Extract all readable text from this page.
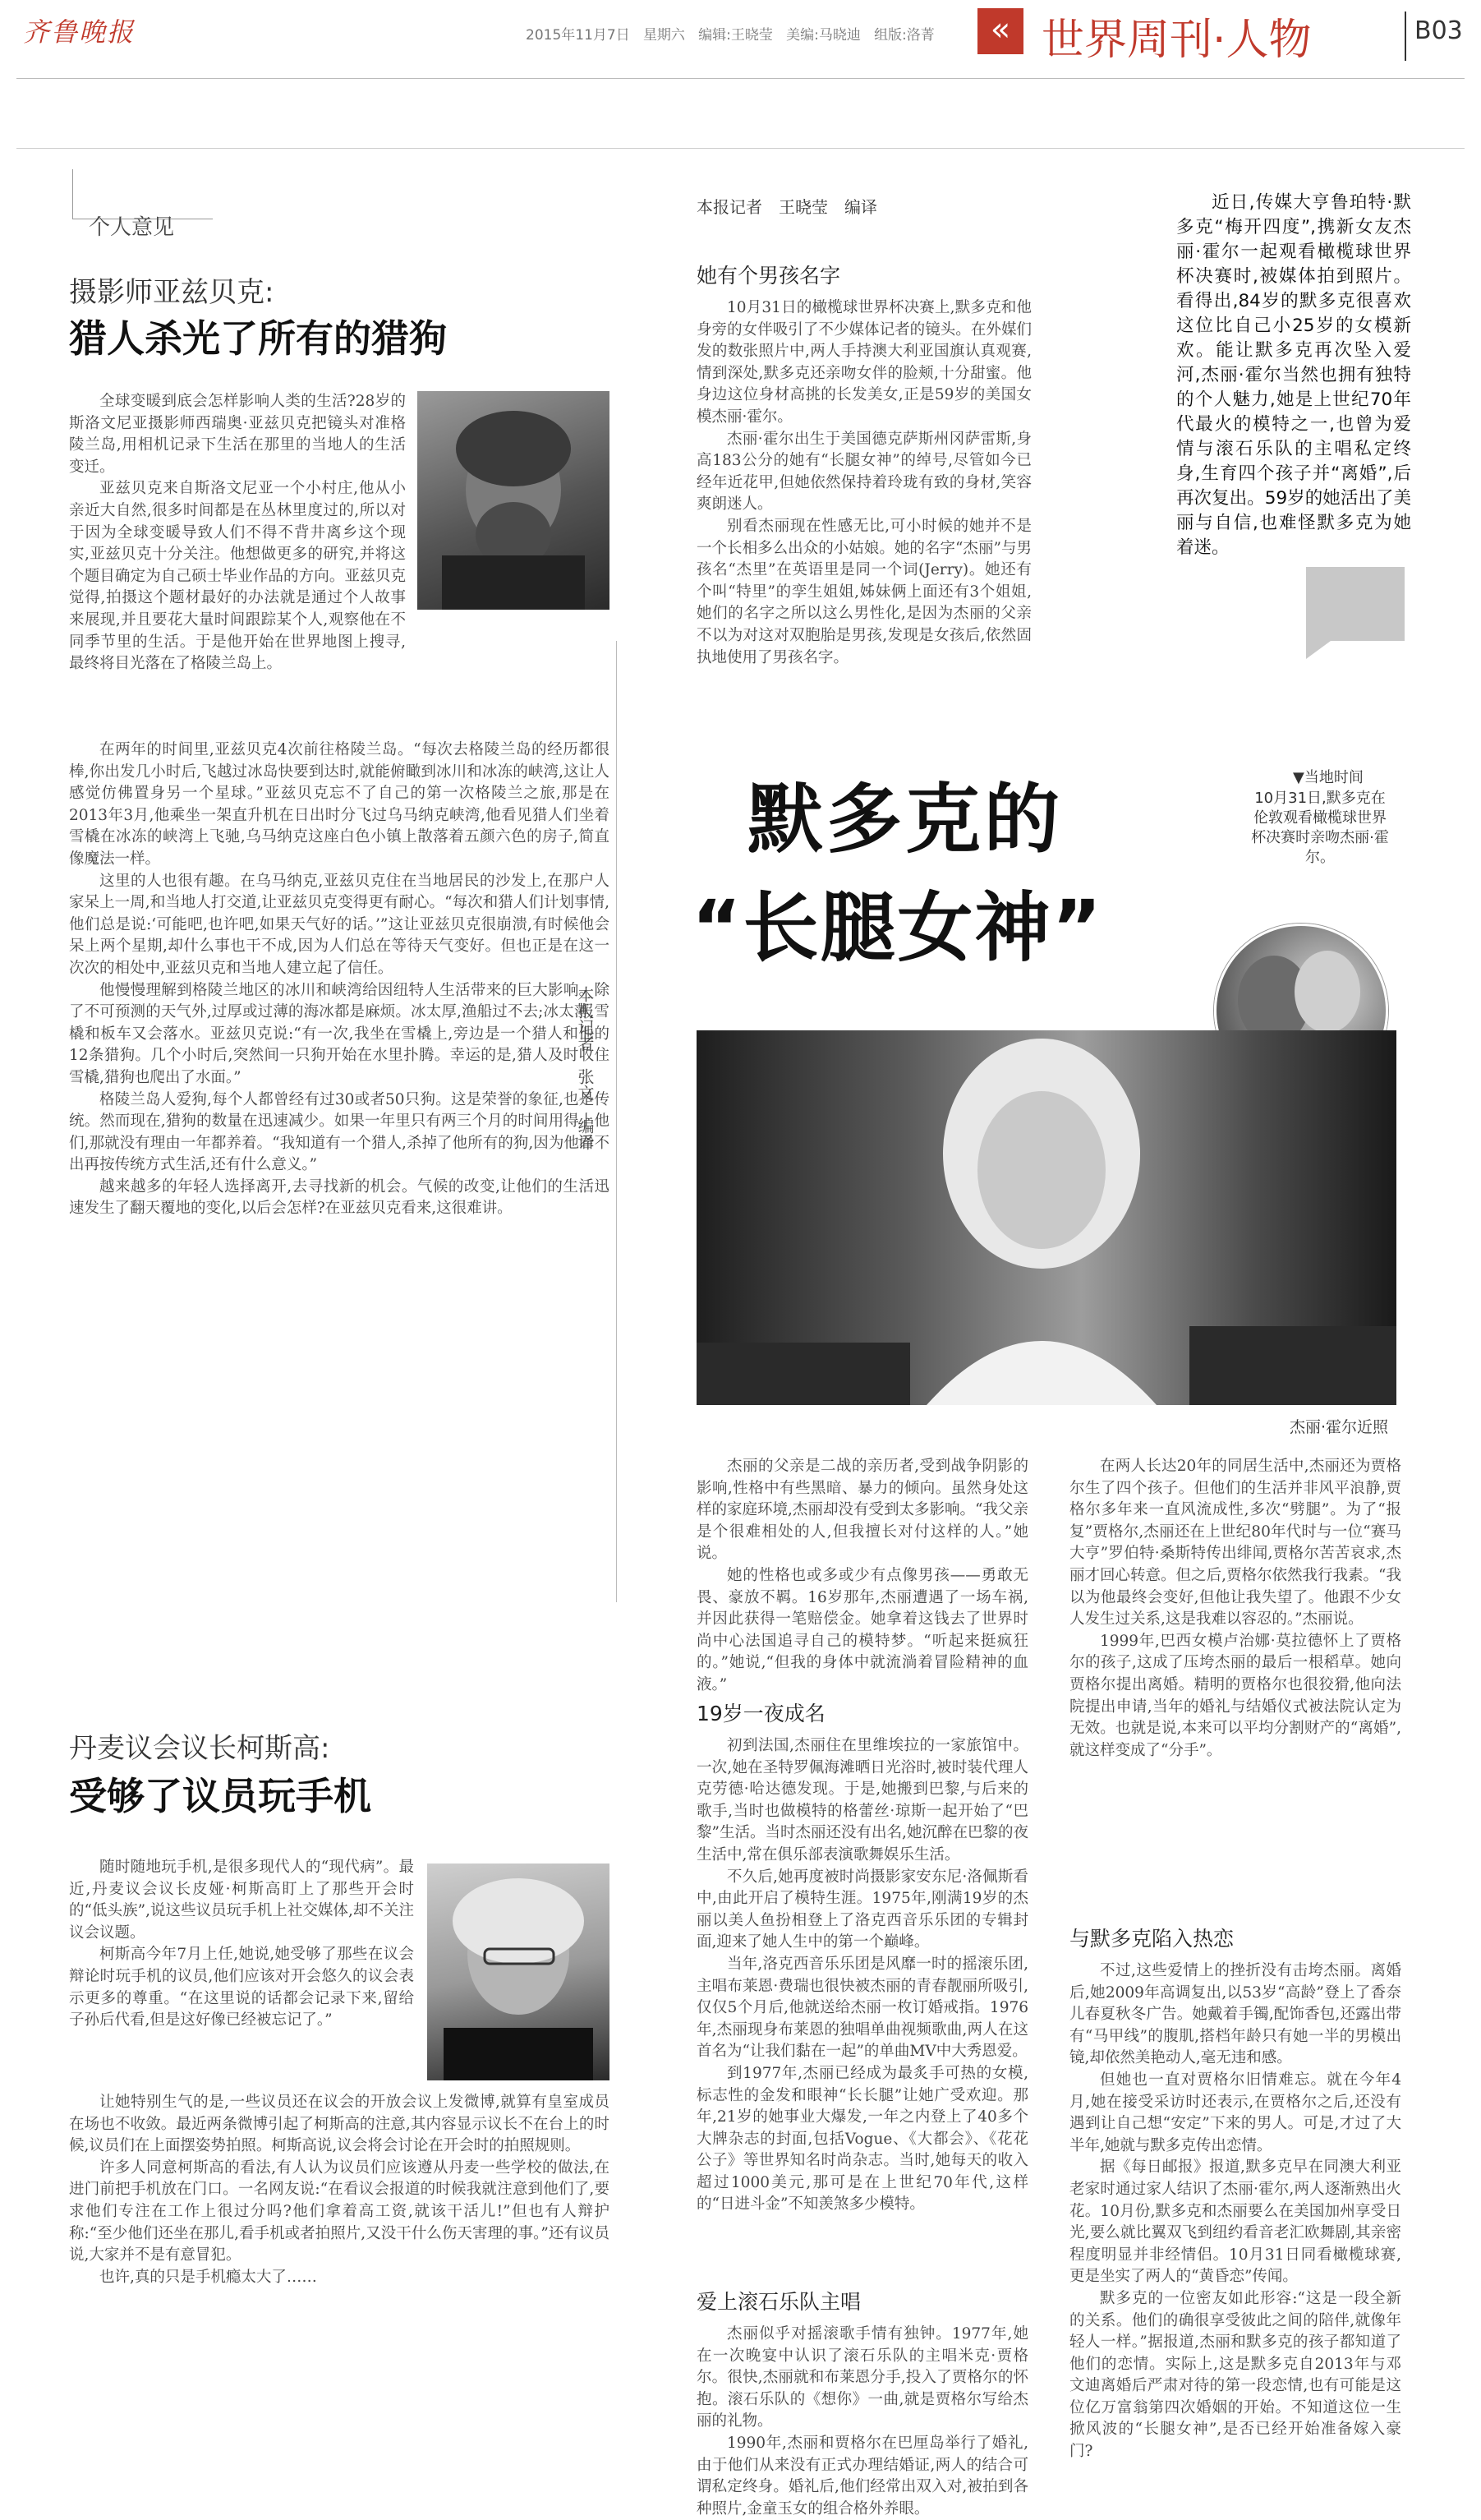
齐鲁晚报	2015年11月7日 星期六 编辑:王晓莹 美编:马晓迪 组版:洛菁	« 世界周刊·人物	B03
个人意见
摄影师亚兹贝克:
猎人杀光了所有的猎狗

全球变暖到底会怎样影响人类的生活?28岁的斯洛文尼亚摄影师西瑞奥·亚兹贝克把镜头对准格陵兰岛,用相机记录下生活在那里的当地人的生活变迁。

亚兹贝克来自斯洛文尼亚一个小村庄,他从小亲近大自然,很多时间都是在丛林里度过的,所以对于因为全球变暖导致人们不得不背井离乡这个现实,亚兹贝克十分关注。他想做更多的研究,并将这个题目确定为自己硕士毕业作品的方向。亚兹贝克觉得,拍摄这个题材最好的办法就是通过个人故事来展现,并且要花大量时间跟踪某个人,观察他在不同季节里的生活。于是他开始在世界地图上搜寻,最终将目光落在了格陵兰岛上。

在两年的时间里,亚兹贝克4次前往格陵兰岛。“每次去格陵兰岛的经历都很棒,你出发几小时后,飞越过冰岛快要到达时,就能俯瞰到冰川和冰冻的峡湾,这让人感觉仿佛置身另一个星球。”亚兹贝克忘不了自己的第一次格陵兰之旅,那是在2013年3月,他乘坐一架直升机在日出时分飞过乌马纳克峡湾,他看见猎人们坐着雪橇在冰冻的峡湾上飞驰,乌马纳克这座白色小镇上散落着五颜六色的房子,简直像魔法一样。

这里的人也很有趣。在乌马纳克,亚兹贝克住在当地居民的沙发上,在那户人家呆上一周,和当地人打交道,让亚兹贝克变得更有耐心。“每次和猎人们计划事情,他们总是说:‘可能吧,也许吧,如果天气好的话。’”这让亚兹贝克很崩溃,有时候他会呆上两个星期,却什么事也干不成,因为人们总在等待天气变好。但也正是在这一次次的相处中,亚兹贝克和当地人建立起了信任。

他慢慢理解到格陵兰地区的冰川和峡湾给因纽特人生活带来的巨大影响。除了不可预测的天气外,过厚或过薄的海冰都是麻烦。冰太厚,渔船过不去;冰太薄,雪橇和板车又会落水。亚兹贝克说:“有一次,我坐在雪橇上,旁边是一个猎人和他的12条猎狗。几个小时后,突然间一只狗开始在水里扑腾。幸运的是,猎人及时收住雪橇,猎狗也爬出了水面。”

格陵兰岛人爱狗,每个人都曾经有过30或者50只狗。这是荣誉的象征,也是传统。然而现在,猎狗的数量在迅速减少。如果一年里只有两三个月的时间用得上他们,那就没有理由一年都养着。“我知道有一个猎人,杀掉了他所有的狗,因为他看不出再按传统方式生活,还有什么意义。”

越来越多的年轻人选择离开,去寻找新的机会。气候的改变,让他们的生活迅速发生了翻天覆地的变化,以后会怎样?在亚兹贝克看来,这很难讲。

本报记者　张文　编译
丹麦议会议长柯斯高:
受够了议员玩手机

随时随地玩手机,是很多现代人的“现代病”。最近,丹麦议会议长皮娅·柯斯高盯上了那些开会时的“低头族”,说这些议员玩手机上社交媒体,却不关注议会议题。

柯斯高今年7月上任,她说,她受够了那些在议会辩论时玩手机的议员,他们应该对开会悠久的议会表示更多的尊重。“在这里说的话都会记录下来,留给子孙后代看,但是这好像已经被忘记了。”

让她特别生气的是,一些议员还在议会的开放会议上发微博,就算有皇室成员在场也不收敛。最近两条微博引起了柯斯高的注意,其内容显示议长不在台上的时候,议员们在上面摆姿势拍照。柯斯高说,议会将会讨论在开会时的拍照规则。

许多人同意柯斯高的看法,有人认为议员们应该遵从丹麦一些学校的做法,在进门前把手机放在门口。一名网友说:“在看议会报道的时候我就注意到他们了,要求他们专注在工作上很过分吗?他们拿着高工资,就该干活儿!”但也有人辩护称:“至少他们还坐在那儿,看手机或者拍照片,又没干什么伤天害理的事。”还有议员说,大家并不是有意冒犯。

也许,真的只是手机瘾太大了……

本报记者　王晓莹　编译	近日,传媒大亨鲁珀特·默多克“梅开四度”,携新女友杰丽·霍尔一起观看橄榄球世界杯决赛时,被媒体拍到照片。看得出,84岁的默多克很喜欢这位比自己小25岁的女模新欢。能让默多克再次坠入爱河,杰丽·霍尔当然也拥有独特的个人魅力,她是上世纪70年代最火的模特之一,也曾为爱情与滚石乐队的主唱私定终身,生育四个孩子并“离婚”,后再次复出。59岁的她活出了美丽与自信,也难怪默多克为她着迷。
她有个男孩名字

10月31日的橄榄球世界杯决赛上,默多克和他身旁的女伴吸引了不少媒体记者的镜头。在外媒们发的数张照片中,两人手持澳大利亚国旗认真观赛,情到深处,默多克还亲吻女伴的脸颊,十分甜蜜。他身边这位身材高挑的长发美女,正是59岁的美国女模杰丽·霍尔。

杰丽·霍尔出生于美国德克萨斯州冈萨雷斯,身高183公分的她有“长腿女神”的绰号,尽管如今已经年近花甲,但她依然保持着玲珑有致的身材,笑容爽朗迷人。

别看杰丽现在性感无比,可小时候的她并不是一个长相多么出众的小姑娘。她的名字“杰丽”与男孩名“杰里”在英语里是同一个词(Jerry)。她还有个叫“特里”的孪生姐姐,姊妹俩上面还有3个姐姐,她们的名字之所以这么男性化,是因为杰丽的父亲不以为对这对双胞胎是男孩,发现是女孩后,依然固执地使用了男孩名字。

默多克的
“长腿女神”
▼当地时间
10月31日,默多克在伦敦观看橄榄球世界杯决赛时亲吻杰丽·霍尔。
杰丽·霍尔近照

杰丽的父亲是二战的亲历者,受到战争阴影的影响,性格中有些黑暗、暴力的倾向。虽然身处这样的家庭环境,杰丽却没有受到太多影响。“我父亲是个很难相处的人,但我擅长对付这样的人。”她说。

她的性格也或多或少有点像男孩——勇敢无畏、豪放不羁。16岁那年,杰丽遭遇了一场车祸,并因此获得一笔赔偿金。她拿着这钱去了世界时尚中心法国追寻自己的模特梦。“听起来挺疯狂的。”她说,“但我的身体中就流淌着冒险精神的血液。”

19岁一夜成名

初到法国,杰丽住在里维埃拉的一家旅馆中。一次,她在圣特罗佩海滩晒日光浴时,被时装代理人克劳德·哈达德发现。于是,她搬到巴黎,与后来的歌手,当时也做模特的格蕾丝·琼斯一起开始了“巴黎”生活。当时杰丽还没有出名,她沉醉在巴黎的夜生活中,常在俱乐部表演歌舞娱乐生活。

不久后,她再度被时尚摄影家安东尼·洛佩斯看中,由此开启了模特生涯。1975年,刚满19岁的杰丽以美人鱼扮相登上了洛克西音乐乐团的专辑封面,迎来了她人生中的第一个巅峰。

当年,洛克西音乐乐团是风靡一时的摇滚乐团,主唱布莱恩·费瑞也很快被杰丽的青春靓丽所吸引,仅仅5个月后,他就送给杰丽一枚订婚戒指。1976年,杰丽现身布莱恩的独唱单曲视频歌曲,两人在这首名为“让我们黏在一起”的单曲MV中大秀恩爱。

到1977年,杰丽已经成为最炙手可热的女模,标志性的金发和眼神“长长腿”让她广受欢迎。那年,21岁的她事业大爆发,一年之内登上了40多个大牌杂志的封面,包括Vogue、《大都会》、《花花公子》等世界知名时尚杂志。当时,她每天的收入超过1000美元,那可是在上世纪70年代,这样的“日进斗金”不知羡煞多少模特。

爱上滚石乐队主唱

杰丽似乎对摇滚歌手情有独钟。1977年,她在一次晚宴中认识了滚石乐队的主唱米克·贾格尔。很快,杰丽就和布莱恩分手,投入了贾格尔的怀抱。滚石乐队的《想你》一曲,就是贾格尔写给杰丽的礼物。

1990年,杰丽和贾格尔在巴厘岛举行了婚礼,由于他们从来没有正式办理结婚证,两人的结合可谓私定终身。婚礼后,他们经常出双入对,被拍到各种照片,金童玉女的组合格外养眼。

在两人长达20年的同居生活中,杰丽还为贾格尔生了四个孩子。但他们的生活并非风平浪静,贾格尔多年来一直风流成性,多次“劈腿”。为了“报复”贾格尔,杰丽还在上世纪80年代时与一位“赛马大亨”罗伯特·桑斯特传出绯闻,贾格尔苦苦哀求,杰丽才回心转意。但之后,贾格尔依然我行我素。“我以为他最终会变好,但他让我失望了。他跟不少女人发生过关系,这是我难以容忍的。”杰丽说。

1999年,巴西女模卢治娜·莫拉德怀上了贾格尔的孩子,这成了压垮杰丽的最后一根稻草。她向贾格尔提出离婚。精明的贾格尔也很狡猾,他向法院提出申请,当年的婚礼与结婚仪式被法院认定为无效。也就是说,本来可以平均分割财产的“离婚”,就这样变成了“分手”。

与默多克陷入热恋

不过,这些爱情上的挫折没有击垮杰丽。离婚后,她2009年高调复出,以53岁“高龄”登上了香奈儿春夏秋冬广告。她戴着手镯,配饰香包,还露出带有“马甲线”的腹肌,搭档年龄只有她一半的男模出镜,却依然美艳动人,毫无违和感。

但她也一直对贾格尔旧情难忘。就在今年4月,她在接受采访时还表示,在贾格尔之后,还没有遇到让自己想“安定”下来的男人。可是,才过了大半年,她就与默多克传出恋情。

据《每日邮报》报道,默多克早在同澳大利亚老家时通过家人结识了杰丽·霍尔,两人逐渐熟出火花。10月份,默多克和杰丽要么在美国加州享受日光,要么就比翼双飞到纽约看音老汇欧舞剧,其亲密程度明显并非经情侣。10月31日同看橄榄球赛,更是坐实了两人的“黄昏恋”传闻。

默多克的一位密友如此形容:“这是一段全新的关系。他们的确很享受彼此之间的陪伴,就像年轻人一样。”据报道,杰丽和默多克的孩子都知道了他们的恋情。实际上,这是默多克自2013年与邓文迪离婚后严肃对待的第一段恋情,也有可能是这位亿万富翁第四次婚姻的开始。不知道这位一生掀风波的“长腿女神”,是否已经开始准备嫁入豪门?
